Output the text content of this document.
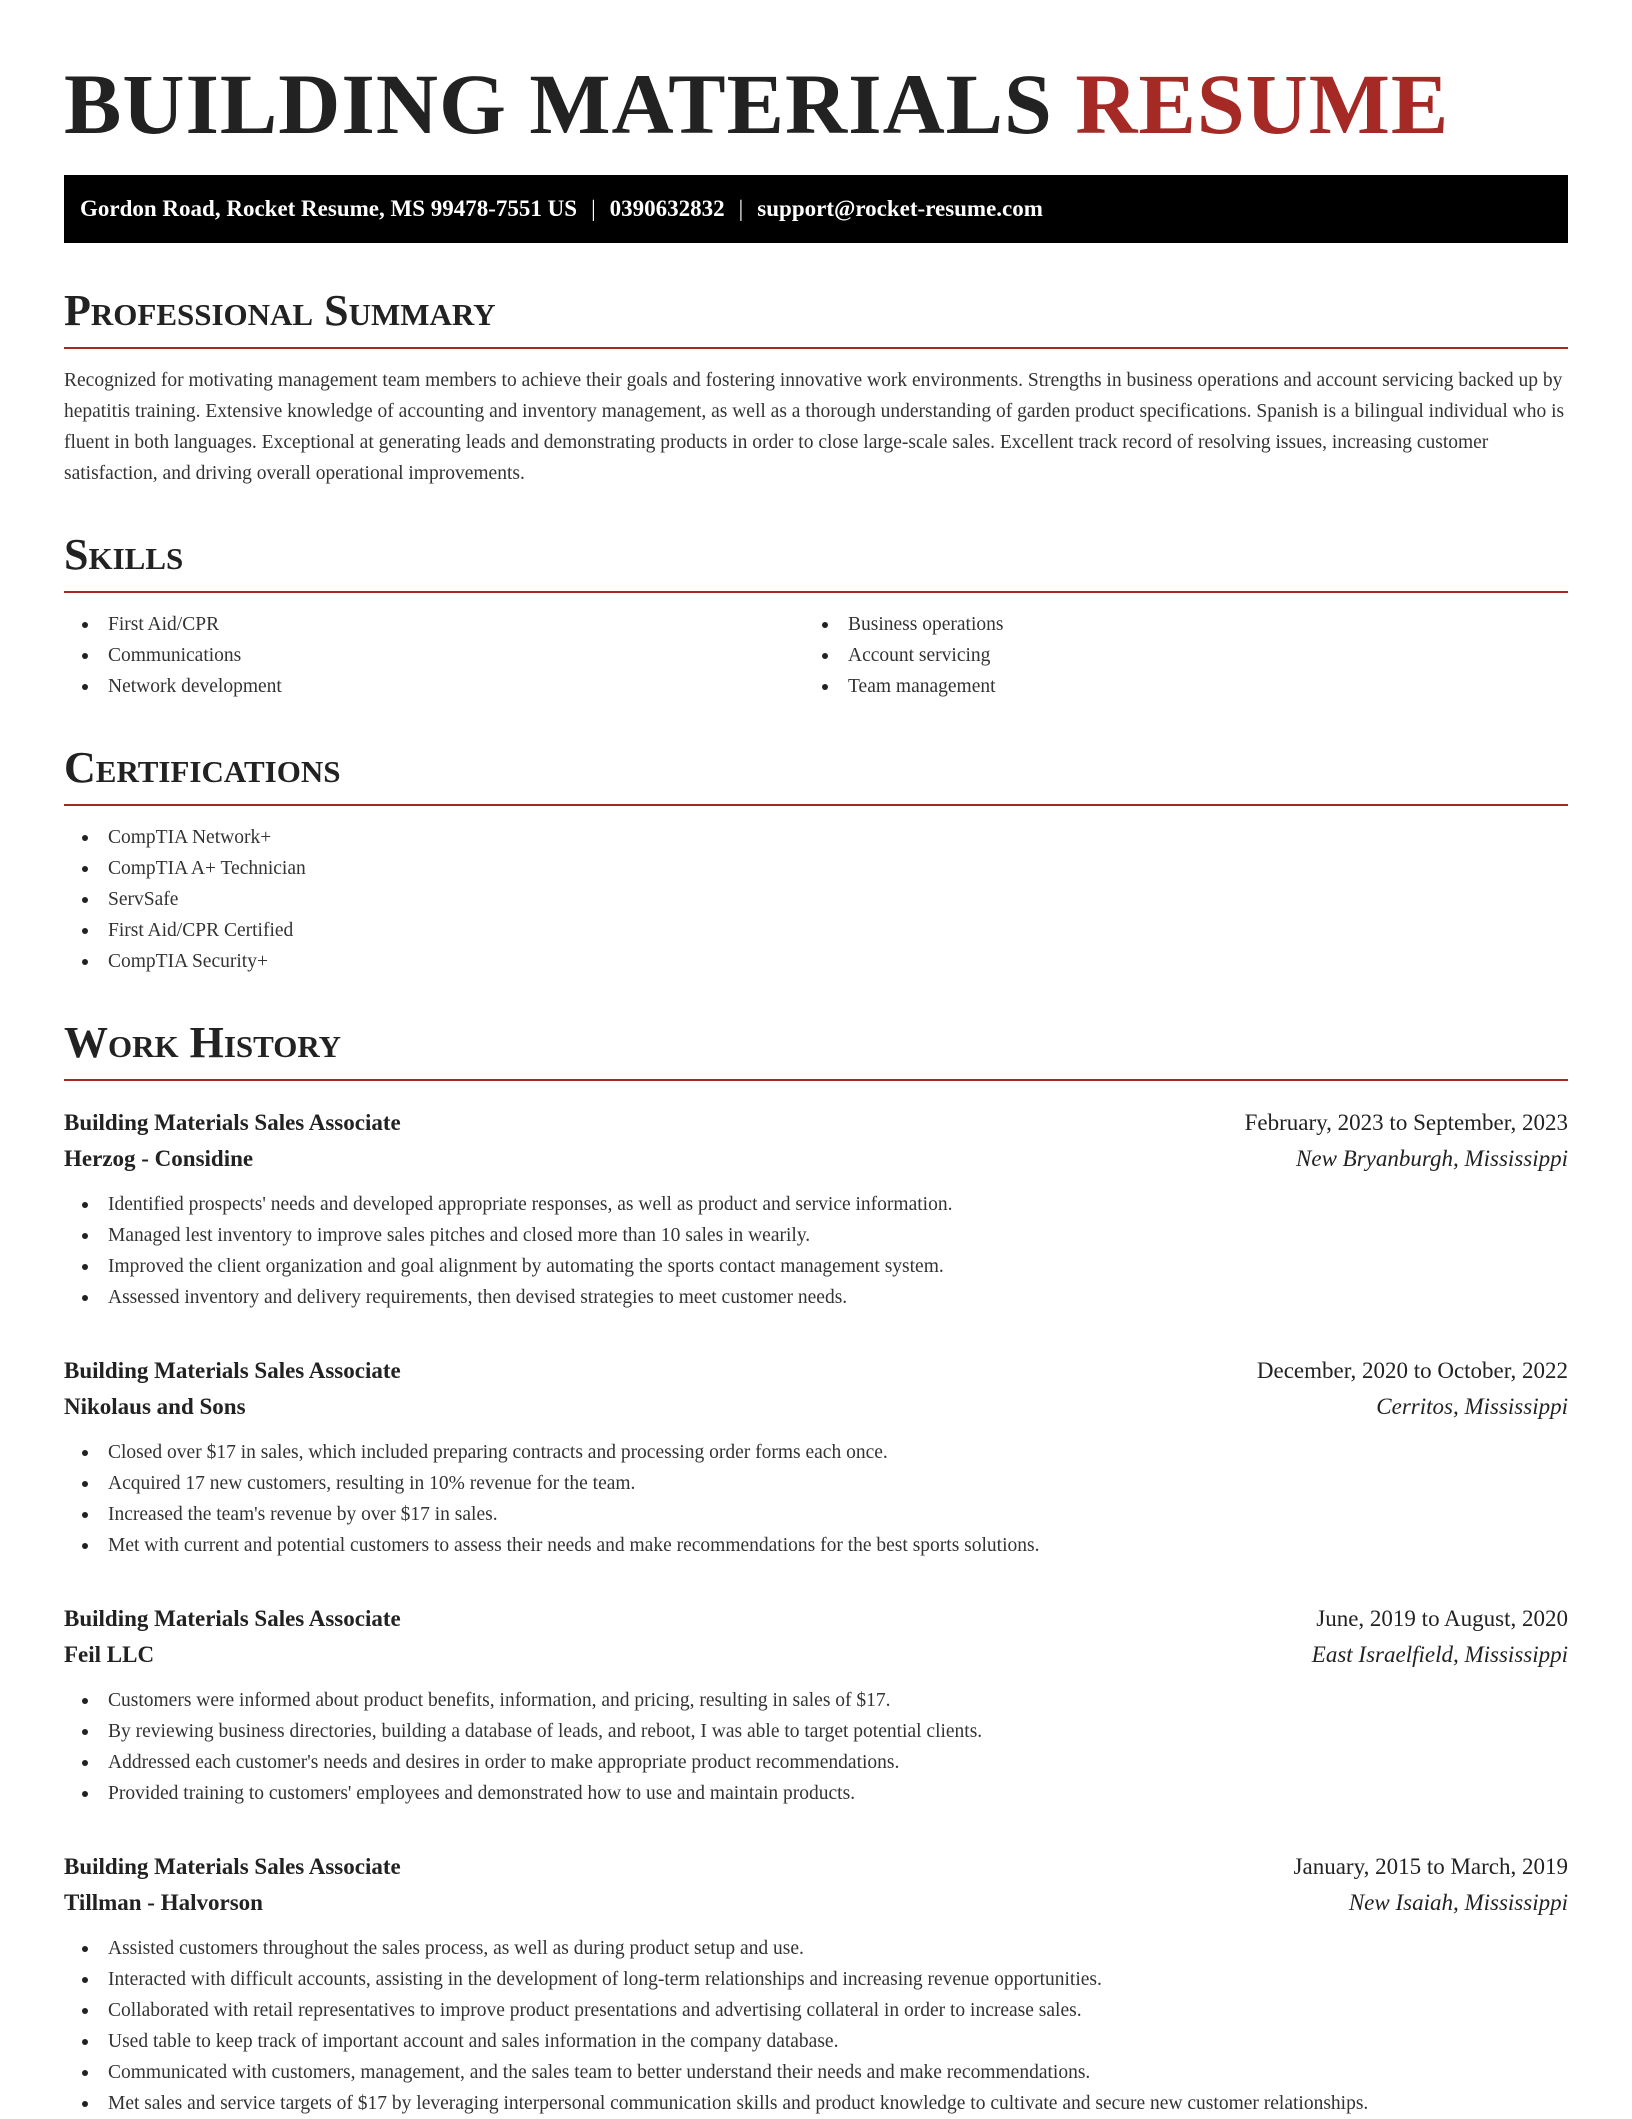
BUILDING MATERIALS RESUME
Gordon Road, Rocket Resume, MS 99478-7551 US | 0390632832 | support@rocket-resume.com
Professional Summary

Recognized for motivating management team members to achieve their goals and fostering innovative work environments. Strengths in business operations and account servicing backed up by hepatitis training. Extensive knowledge of accounting and inventory management, as well as a thorough understanding of garden product specifications. Spanish is a bilingual individual who is fluent in both languages. Exceptional at generating leads and demonstrating products in order to close large-scale sales. Excellent track record of resolving issues, increasing customer satisfaction, and driving overall operational improvements.

Skills
First Aid/CPR
Communications
Network development
Business operations
Account servicing
Team management
Certifications
CompTIA Network+
CompTIA A+ Technician
ServSafe
First Aid/CPR Certified
CompTIA Security+
Work History
Building Materials Sales Associate	February, 2023 to September, 2023
Herzog - Considine	New Bryanburgh, Mississippi
Identified prospects' needs and developed appropriate responses, as well as product and service information.
Managed lest inventory to improve sales pitches and closed more than 10 sales in wearily.
Improved the client organization and goal alignment by automating the sports contact management system.
Assessed inventory and delivery requirements, then devised strategies to meet customer needs.
Building Materials Sales Associate	December, 2020 to October, 2022
Nikolaus and Sons	Cerritos, Mississippi
Closed over $17 in sales, which included preparing contracts and processing order forms each once.
Acquired 17 new customers, resulting in 10% revenue for the team.
Increased the team's revenue by over $17 in sales.
Met with current and potential customers to assess their needs and make recommendations for the best sports solutions.
Building Materials Sales Associate	June, 2019 to August, 2020
Feil LLC	East Israelfield, Mississippi
Customers were informed about product benefits, information, and pricing, resulting in sales of $17.
By reviewing business directories, building a database of leads, and reboot, I was able to target potential clients.
Addressed each customer's needs and desires in order to make appropriate product recommendations.
Provided training to customers' employees and demonstrated how to use and maintain products.
Building Materials Sales Associate	January, 2015 to March, 2019
Tillman - Halvorson	New Isaiah, Mississippi
Assisted customers throughout the sales process, as well as during product setup and use.
Interacted with difficult accounts, assisting in the development of long-term relationships and increasing revenue opportunities.
Collaborated with retail representatives to improve product presentations and advertising collateral in order to increase sales.
Used table to keep track of important account and sales information in the company database.
Communicated with customers, management, and the sales team to better understand their needs and make recommendations.
Met sales and service targets of $17 by leveraging interpersonal communication skills and product knowledge to cultivate and secure new customer relationships.
